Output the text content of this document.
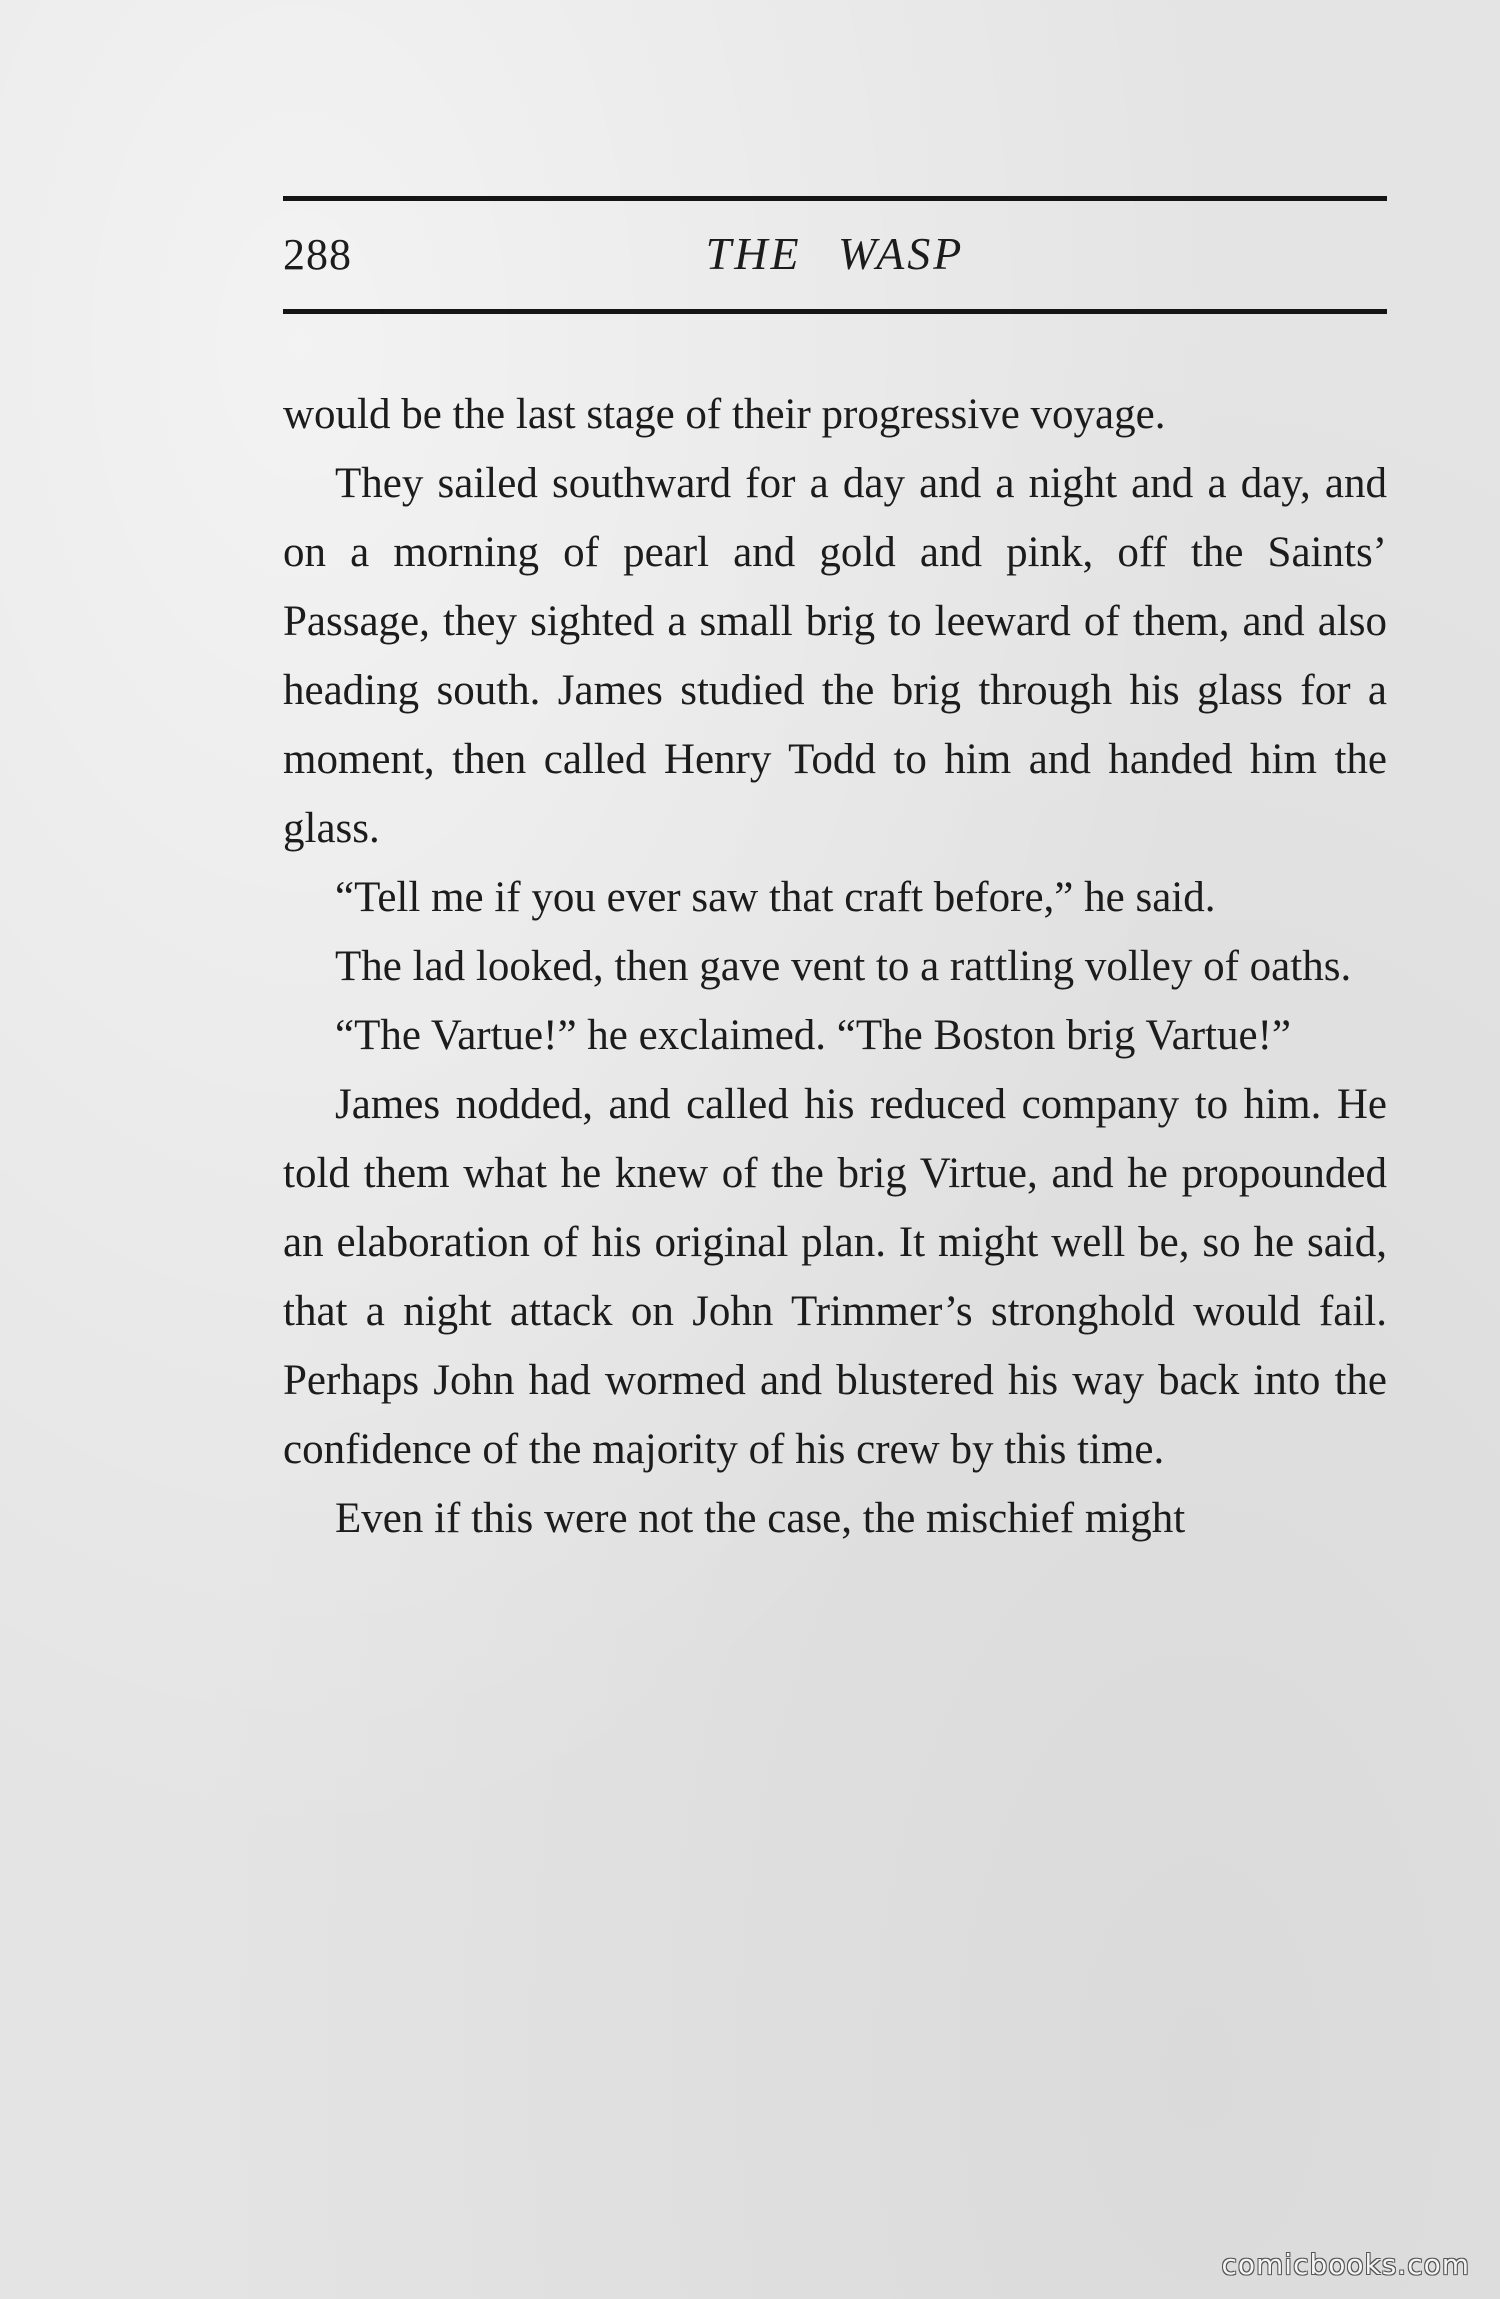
288	THE WASP

would be the last stage of their progressive voyage.

They sailed southward for a day and a night and a day, and on a morning of pearl and gold and pink, off the Saints’ Passage, they sighted a small brig to leeward of them, and also heading south. James studied the brig through his glass for a moment, then called Henry Todd to him and handed him the glass.

“Tell me if you ever saw that craft before,” he said.

The lad looked, then gave vent to a rattling volley of oaths.

“The Vartue!” he exclaimed. “The Boston brig Vartue!”

James nodded, and called his reduced company to him. He told them what he knew of the brig Virtue, and he propounded an elaboration of his original plan. It might well be, so he said, that a night attack on John Trimmer’s stronghold would fail. Perhaps John had wormed and blustered his way back into the confidence of the majority of his crew by this time.

Even if this were not the case, the mischief might

comicbooks.com
